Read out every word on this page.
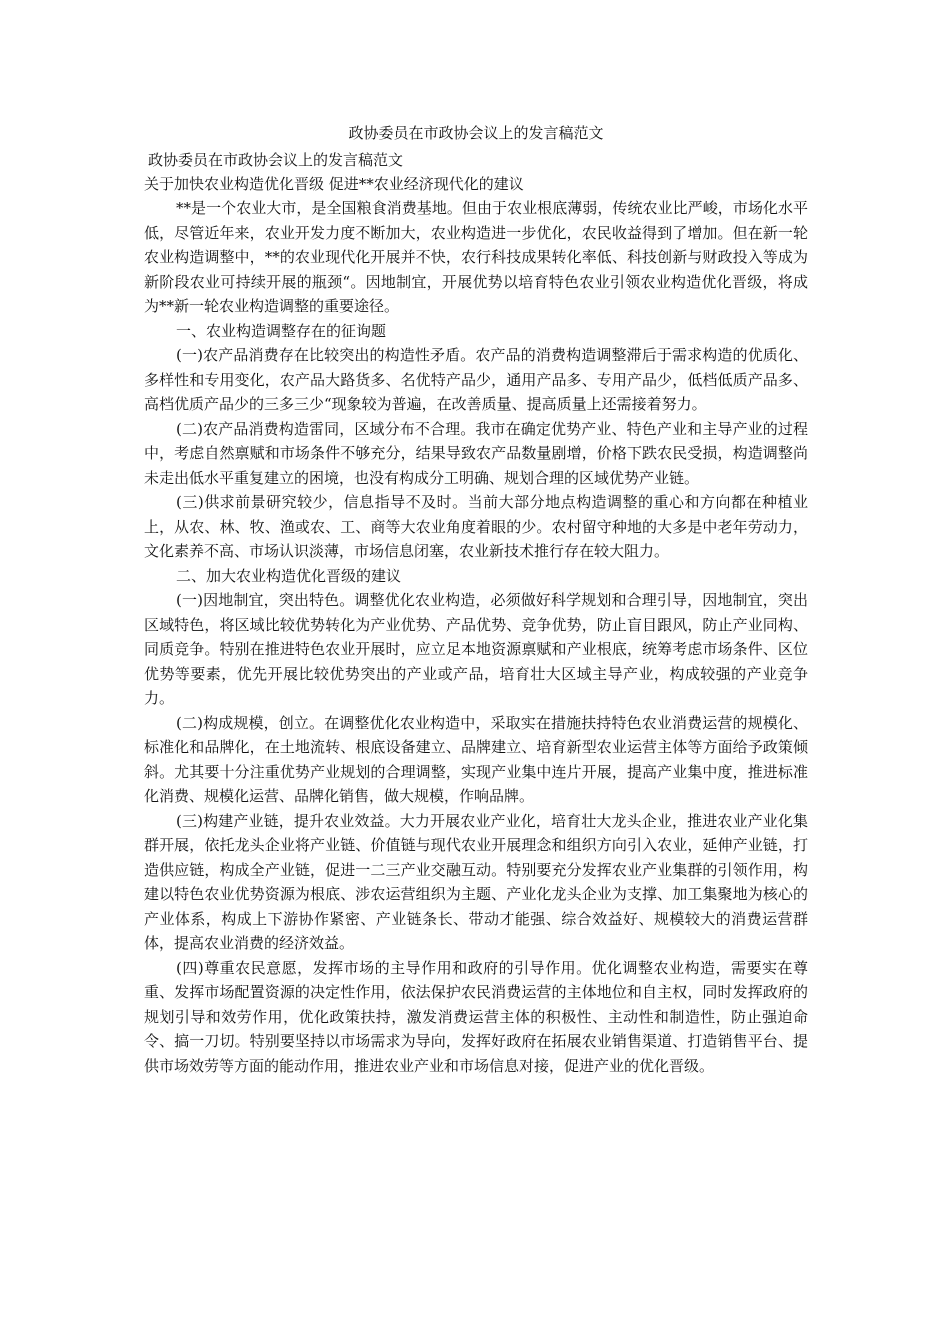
政协委员在市政协会议上的发言稿范文
政协委员在市政协会议上的发言稿范文
关于加快农业构造优化晋级 促进**农业经济现代化的建议

**是一个农业大市，是全国粮食消费基地。但由于农业根底薄弱，传统农业比严峻，市场化水平低，尽管近年来，农业开发力度不断加大，农业构造进一步优化，农民收益得到了增加。但在新一轮农业构造调整中，**的农业现代化开展并不快，农行科技成果转化率低、科技创新与财政投入等成为新阶段农业可持续开展的瓶颈“。因地制宜，开展优势以培育特色农业引领农业构造优化晋级，将成为**新一轮农业构造调整的重要途径。

一、农业构造调整存在的征询题

(一)农产品消费存在比较突出的构造性矛盾。农产品的消费构造调整滞后于需求构造的优质化、多样性和专用变化，农产品大路货多、名优特产品少，通用产品多、专用产品少，低档低质产品多、高档优质产品少的三多三少“现象较为普遍，在改善质量、提高质量上还需接着努力。

(二)农产品消费构造雷同，区域分布不合理。我市在确定优势产业、特色产业和主导产业的过程中，考虑自然禀赋和市场条件不够充分，结果导致农产品数量剧增，价格下跌农民受损，构造调整尚未走出低水平重复建立的困境，也没有构成分工明确、规划合理的区域优势产业链。

(三)供求前景研究较少，信息指导不及时。当前大部分地点构造调整的重心和方向都在种植业上，从农、林、牧、渔或农、工、商等大农业角度着眼的少。农村留守种地的大多是中老年劳动力，文化素养不高、市场认识淡薄，市场信息闭塞，农业新技术推行存在较大阻力。

二、加大农业构造优化晋级的建议

(一)因地制宜，突出特色。调整优化农业构造，必须做好科学规划和合理引导，因地制宜，突出区域特色，将区域比较优势转化为产业优势、产品优势、竞争优势，防止盲目跟风，防止产业同构、同质竞争。特别在推进特色农业开展时，应立足本地资源禀赋和产业根底，统筹考虑市场条件、区位优势等要素，优先开展比较优势突出的产业或产品，培育壮大区域主导产业，构成较强的产业竞争力。

(二)构成规模，创立。在调整优化农业构造中，采取实在措施扶持特色农业消费运营的规模化、标准化和品牌化，在土地流转、根底设备建立、品牌建立、培育新型农业运营主体等方面给予政策倾斜。尤其要十分注重优势产业规划的合理调整，实现产业集中连片开展，提高产业集中度，推进标准化消费、规模化运营、品牌化销售，做大规模，作响品牌。

(三)构建产业链，提升农业效益。大力开展农业产业化，培育壮大龙头企业，推进农业产业化集群开展，依托龙头企业将产业链、价值链与现代农业开展理念和组织方向引入农业，延伸产业链，打造供应链，构成全产业链，促进一二三产业交融互动。特别要充分发挥农业产业集群的引领作用，构建以特色农业优势资源为根底、涉农运营组织为主题、产业化龙头企业为支撑、加工集聚地为核心的产业体系，构成上下游协作紧密、产业链条长、带动才能强、综合效益好、规模较大的消费运营群体，提高农业消费的经济效益。

(四)尊重农民意愿，发挥市场的主导作用和政府的引导作用。优化调整农业构造，需要实在尊重、发挥市场配置资源的决定性作用，依法保护农民消费运营的主体地位和自主权，同时发挥政府的规划引导和效劳作用，优化政策扶持，激发消费运营主体的积极性、主动性和制造性，防止强迫命令、搞一刀切。特别要坚持以市场需求为导向，发挥好政府在拓展农业销售渠道、打造销售平台、提供市场效劳等方面的能动作用，推进农业产业和市场信息对接，促进产业的优化晋级。
